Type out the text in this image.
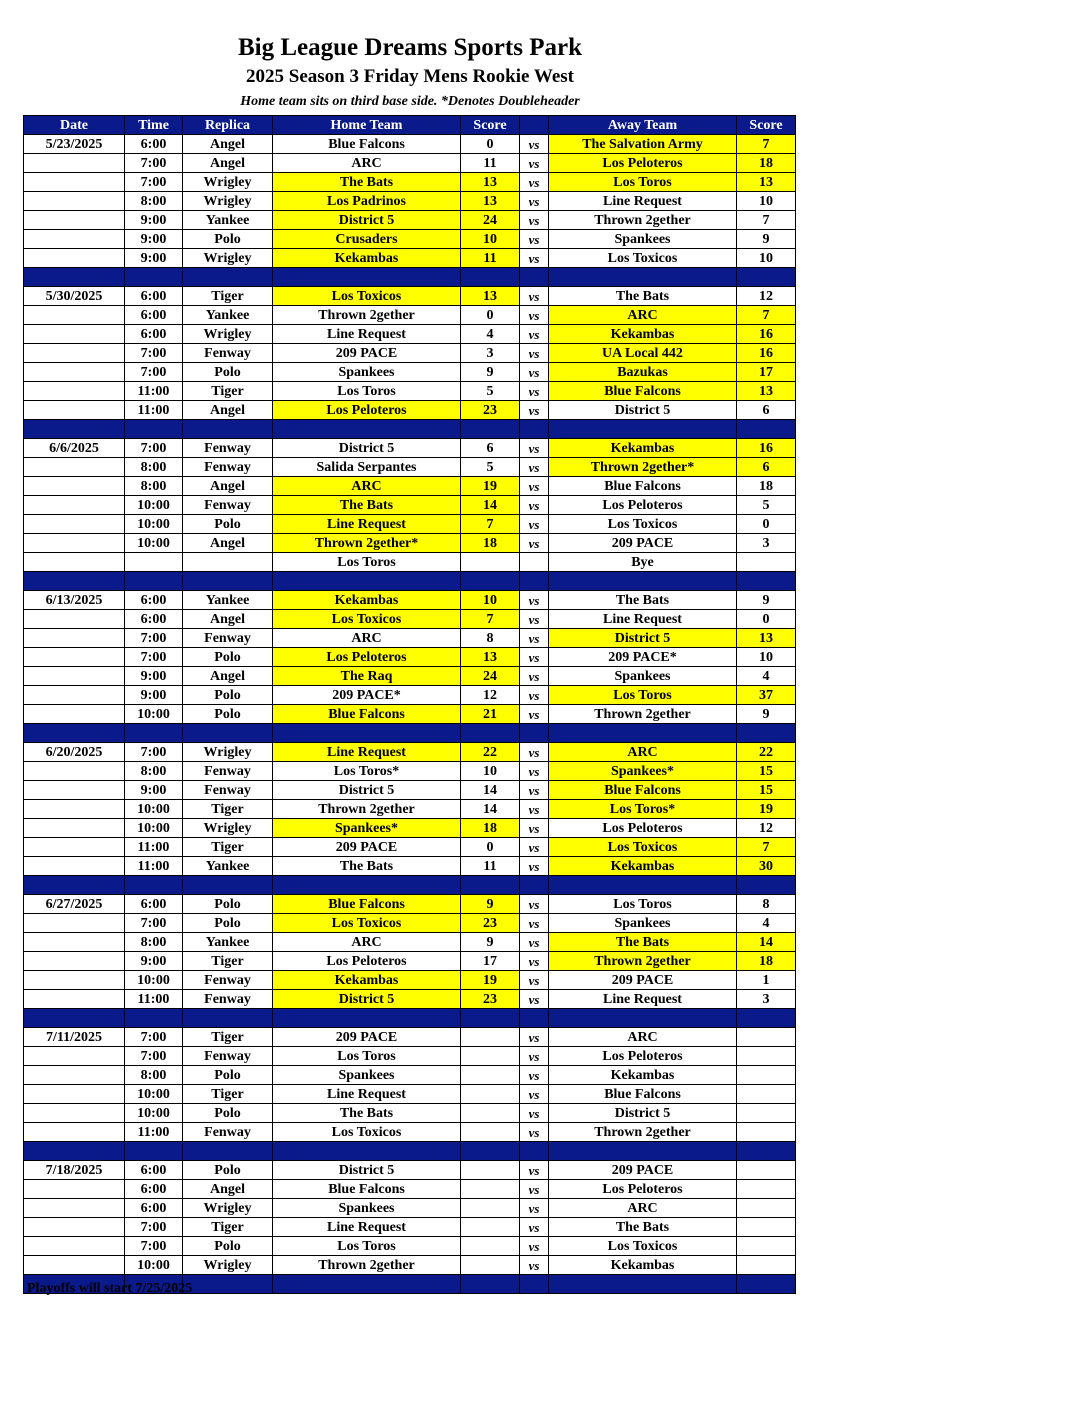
Big League Dreams Sports Park
2025 Season 3 Friday Mens Rookie West

Home team sits on third base side. *Denotes Doubleheader

Date	Time	Replica	Home Team	Score		Away Team	Score
5/23/2025	6:00	Angel	Blue Falcons	0	vs	The Salvation Army	7
	7:00	Angel	ARC	11	vs	Los Peloteros	18
	7:00	Wrigley	The Bats	13	vs	Los Toros	13
	8:00	Wrigley	Los Padrinos	13	vs	Line Request	10
	9:00	Yankee	District 5	24	vs	Thrown 2gether	7
	9:00	Polo	Crusaders	10	vs	Spankees	9
	9:00	Wrigley	Kekambas	11	vs	Los Toxicos	10

5/30/2025	6:00	Tiger	Los Toxicos	13	vs	The Bats	12
	6:00	Yankee	Thrown 2gether	0	vs	ARC	7
	6:00	Wrigley	Line Request	4	vs	Kekambas	16
	7:00	Fenway	209 PACE	3	vs	UA Local 442	16
	7:00	Polo	Spankees	9	vs	Bazukas	17
	11:00	Tiger	Los Toros	5	vs	Blue Falcons	13
	11:00	Angel	Los Peloteros	23	vs	District 5	6

6/6/2025	7:00	Fenway	District 5	6	vs	Kekambas	16
	8:00	Fenway	Salida Serpantes	5	vs	Thrown 2gether*	6
	8:00	Angel	ARC	19	vs	Blue Falcons	18
	10:00	Fenway	The Bats	14	vs	Los Peloteros	5
	10:00	Polo	Line Request	7	vs	Los Toxicos	0
	10:00	Angel	Thrown 2gether*	18	vs	209 PACE	3
			Los Toros			Bye	

6/13/2025	6:00	Yankee	Kekambas	10	vs	The Bats	9
	6:00	Angel	Los Toxicos	7	vs	Line Request	0
	7:00	Fenway	ARC	8	vs	District 5	13
	7:00	Polo	Los Peloteros	13	vs	209 PACE*	10
	9:00	Angel	The Raq	24	vs	Spankees	4
	9:00	Polo	209 PACE*	12	vs	Los Toros	37
	10:00	Polo	Blue Falcons	21	vs	Thrown 2gether	9

6/20/2025	7:00	Wrigley	Line Request	22	vs	ARC	22
	8:00	Fenway	Los Toros*	10	vs	Spankees*	15
	9:00	Fenway	District 5	14	vs	Blue Falcons	15
	10:00	Tiger	Thrown 2gether	14	vs	Los Toros*	19
	10:00	Wrigley	Spankees*	18	vs	Los Peloteros	12
	11:00	Tiger	209 PACE	0	vs	Los Toxicos	7
	11:00	Yankee	The Bats	11	vs	Kekambas	30

6/27/2025	6:00	Polo	Blue Falcons	9	vs	Los Toros	8
	7:00	Polo	Los Toxicos	23	vs	Spankees	4
	8:00	Yankee	ARC	9	vs	The Bats	14
	9:00	Tiger	Los Peloteros	17	vs	Thrown 2gether	18
	10:00	Fenway	Kekambas	19	vs	209 PACE	1
	11:00	Fenway	District 5	23	vs	Line Request	3

7/11/2025	7:00	Tiger	209 PACE		vs	ARC	
	7:00	Fenway	Los Toros		vs	Los Peloteros	
	8:00	Polo	Spankees		vs	Kekambas	
	10:00	Tiger	Line Request		vs	Blue Falcons	
	10:00	Polo	The Bats		vs	District 5	
	11:00	Fenway	Los Toxicos		vs	Thrown 2gether	

7/18/2025	6:00	Polo	District 5		vs	209 PACE	
	6:00	Angel	Blue Falcons		vs	Los Peloteros	
	6:00	Wrigley	Spankees		vs	ARC	
	7:00	Tiger	Line Request		vs	The Bats	
	7:00	Polo	Los Toros		vs	Los Toxicos	
	10:00	Wrigley	Thrown 2gether		vs	Kekambas	

Playoffs will start 7/25/2025
